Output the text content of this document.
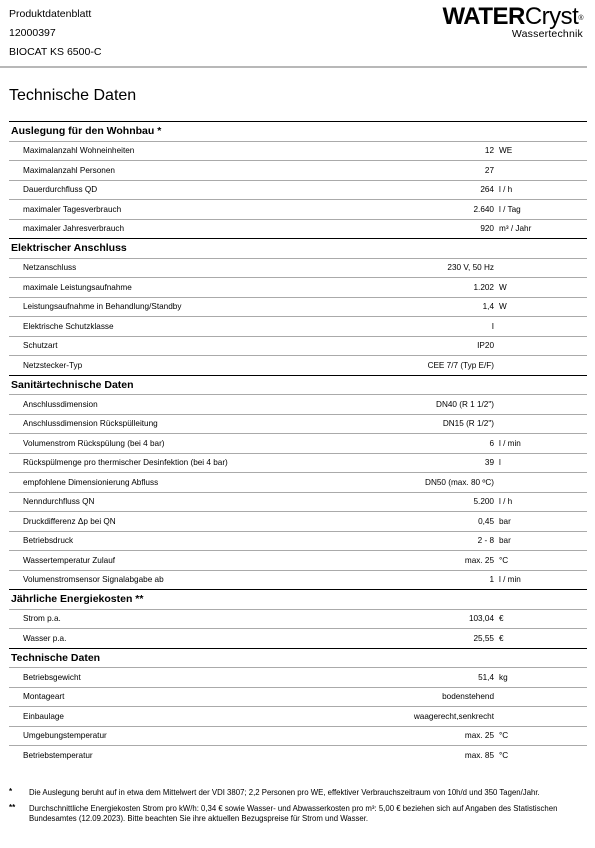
Produktdatenblatt
12000397
BIOCAT KS 6500-C
WATERCryst®
Wassertechnik
Technische Daten
Auslegung für den Wohnbau *
Maximalanzahl Wohneinheiten	12 WE
Maximalanzahl Personen	27
Dauerdurchfluss QD	264 l / h
maximaler Tagesverbrauch	2.640 l / Tag
maximaler Jahresverbrauch	920 m³ / Jahr
Elektrischer Anschluss
Netzanschluss	230 V, 50 Hz
maximale Leistungsaufnahme	1.202 W
Leistungsaufnahme in Behandlung/Standby	1,4 W
Elektrische Schutzklasse	I
Schutzart	IP20
Netzstecker-Typ	CEE 7/7 (Typ E/F)
Sanitärtechnische Daten
Anschlussdimension	DN40 (R 1 1/2")
Anschlussdimension Rückspülleitung	DN15 (R 1/2")
Volumenstrom Rückspülung (bei 4 bar)	6 l / min
Rückspülmenge pro thermischer Desinfektion (bei 4 bar)	39 l
empfohlene Dimensionierung Abfluss	DN50 (max. 80 ºC)
Nenndurchfluss QN	5.200 l / h
Druckdifferenz Δp bei QN	0,45 bar
Betriebsdruck	2 - 8 bar
Wassertemperatur Zulauf	max. 25 °C
Volumenstromsensor Signalabgabe ab	1 l / min
Jährliche Energiekosten **
Strom p.a.	103,04 €
Wasser p.a.	25,55 €
Technische Daten
Betriebsgewicht	51,4 kg
Montageart	bodenstehend
Einbaulage	waagerecht,senkrecht
Umgebungstemperatur	max. 25 °C
Betriebstemperatur	max. 85 °C
* Die Auslegung beruht auf in etwa dem Mittelwert der VDI 3807; 2,2 Personen pro WE, effektiver Verbrauchszeitraum von 10h/d und 350 Tagen/Jahr.
** Durchschnittliche Energiekosten Strom pro kW/h: 0,34 € sowie Wasser- und Abwasserkosten pro m³: 5,00 € beziehen sich auf Angaben des Statistischen Bundesamtes (12.09.2023). Bitte beachten Sie ihre aktuellen Bezugspreise für Strom und Wasser.
